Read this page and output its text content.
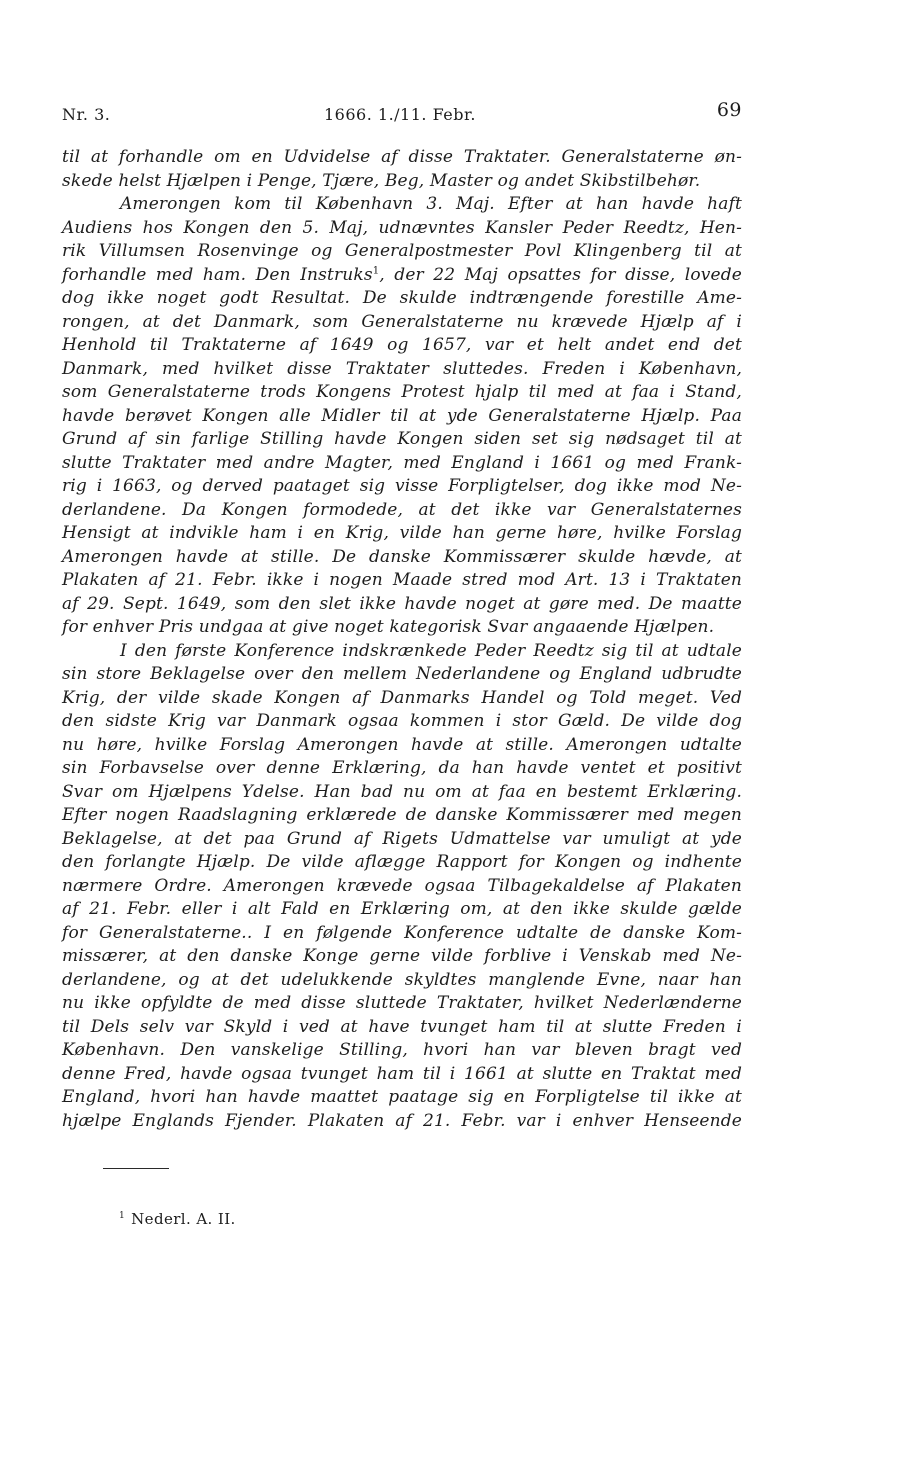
Nr. 3.	1666. 1./11. Febr.	69
til at forhandle om en Udvidelse af disse Traktater. Generalstaterne øn-
skede helst Hjælpen i Penge, Tjære, Beg, Master og andet Skibstilbehør.
Amerongen kom til København 3. Maj. Efter at han havde haft
Audiens hos Kongen den 5. Maj, udnævntes Kansler Peder Reedtz, Hen-
rik Villumsen Rosenvinge og Generalpostmester Povl Klingenberg til at
forhandle med ham. Den Instruks$^1$, der 22 Maj opsattes for disse, lovede
dog ikke noget godt Resultat. De skulde indtrængende forestille Ame-
rongen, at det Danmark, som Generalstaterne nu krævede Hjælp af i
Henhold til Traktaterne af 1649 og 1657, var et helt andet end det
Danmark, med hvilket disse Traktater sluttedes. Freden i København,
som Generalstaterne trods Kongens Protest hjalp til med at faa i Stand,
havde berøvet Kongen alle Midler til at yde Generalstaterne Hjælp. Paa
Grund af sin farlige Stilling havde Kongen siden set sig nødsaget til at
slutte Traktater med andre Magter, med England i 1661 og med Frank-
rig i 1663, og derved paataget sig visse Forpligtelser, dog ikke mod Ne-
derlandene. Da Kongen formodede, at det ikke var Generalstaternes
Hensigt at indvikle ham i en Krig, vilde han gerne høre, hvilke Forslag
Amerongen havde at stille. De danske Kommissærer skulde hævde, at
Plakaten af 21. Febr. ikke i nogen Maade stred mod Art. 13 i Traktaten
af 29. Sept. 1649, som den slet ikke havde noget at gøre med. De maatte
for enhver Pris undgaa at give noget kategorisk Svar angaaende Hjælpen.
I den første Konference indskrænkede Peder Reedtz sig til at udtale
sin store Beklagelse over den mellem Nederlandene og England udbrudte
Krig, der vilde skade Kongen af Danmarks Handel og Told meget. Ved
den sidste Krig var Danmark ogsaa kommen i stor Gæld. De vilde dog
nu høre, hvilke Forslag Amerongen havde at stille. Amerongen udtalte
sin Forbavselse over denne Erklæring, da han havde ventet et positivt
Svar om Hjælpens Ydelse. Han bad nu om at faa en bestemt Erklæring.
Efter nogen Raadslagning erklærede de danske Kommissærer med megen
Beklagelse, at det paa Grund af Rigets Udmattelse var umuligt at yde
den forlangte Hjælp. De vilde aflægge Rapport for Kongen og indhente
nærmere Ordre. Amerongen krævede ogsaa Tilbagekaldelse af Plakaten
af 21. Febr. eller i alt Fald en Erklæring om, at den ikke skulde gælde
for Generalstaterne.. I en følgende Konference udtalte de danske Kom-
missærer, at den danske Konge gerne vilde forblive i Venskab med Ne-
derlandene, og at det udelukkende skyldtes manglende Evne, naar han
nu ikke opfyldte de med disse sluttede Traktater, hvilket Nederlænderne
til Dels selv var Skyld i ved at have tvunget ham til at slutte Freden i
København. Den vanskelige Stilling, hvori han var bleven bragt ved
denne Fred, havde ogsaa tvunget ham til i 1661 at slutte en Traktat med
England, hvori han havde maattet paatage sig en Forpligtelse til ikke at
hjælpe Englands Fjender. Plakaten af 21. Febr. var i enhver Henseende
$^1$ Nederl. A. II.
